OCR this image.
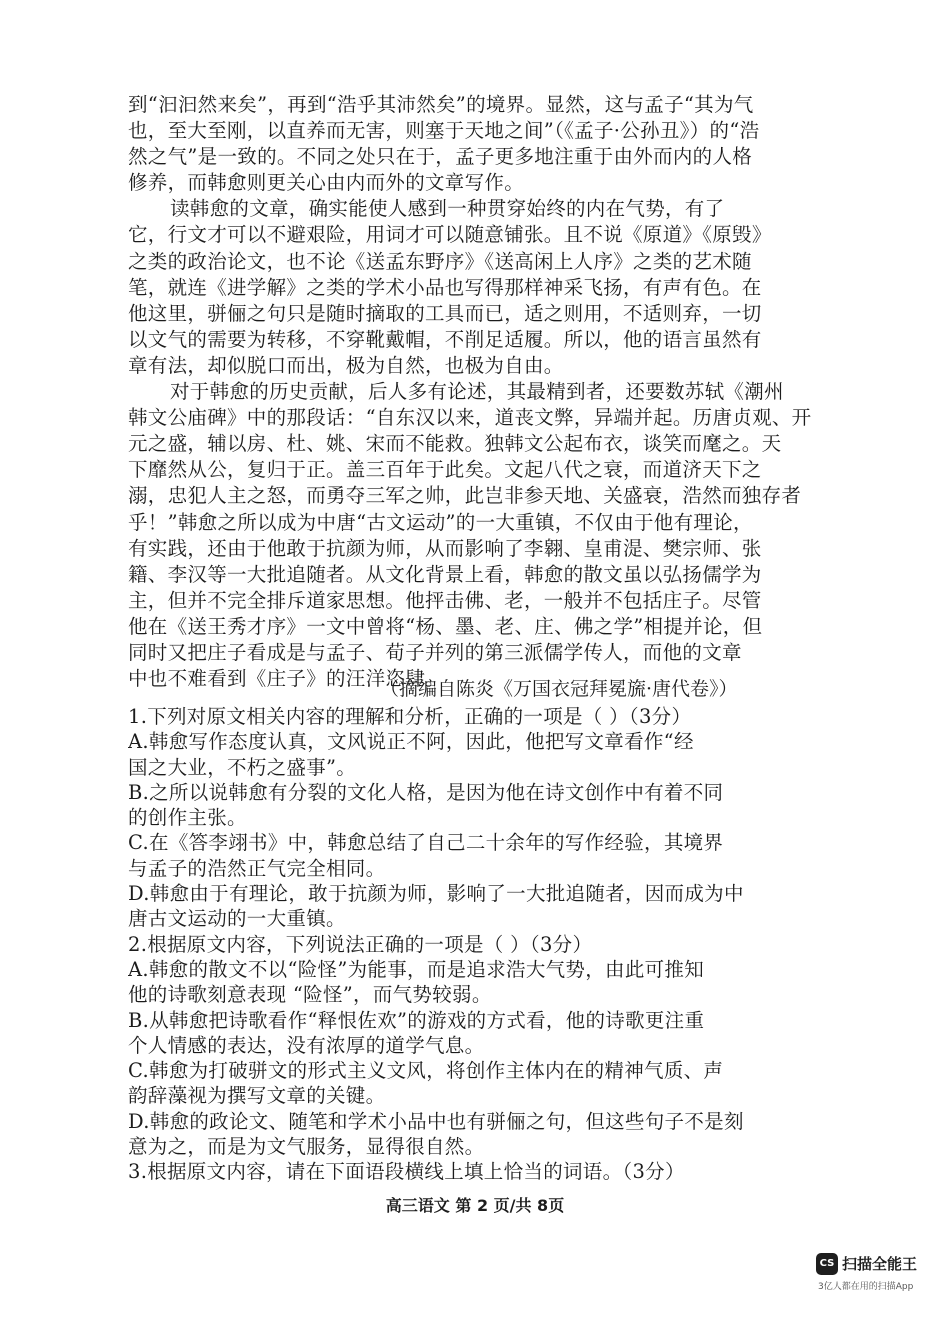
到“汩汩然来矣”，再到“浩乎其沛然矣”的境界。显然，这与孟子“其为气
也，至大至刚，以直养而无害，则塞于天地之间”（《孟子·公孙丑》）的“浩
然之气”是一致的。不同之处只在于，孟子更多地注重于由外而内的人格
修养，而韩愈则更关心由内而外的文章写作。
读韩愈的文章，确实能使人感到一种贯穿始终的内在气势，有了
它，行文才可以不避艰险，用词才可以随意铺张。且不说《原道》《原毁》
之类的政治论文，也不论《送孟东野序》《送高闲上人序》之类的艺术随
笔，就连《进学解》之类的学术小品也写得那样神采飞扬，有声有色。在
他这里，骈俪之句只是随时摘取的工具而已，适之则用，不适则弃，一切
以文气的需要为转移，不穿靴戴帽，不削足适履。所以，他的语言虽然有
章有法，却似脱口而出，极为自然，也极为自由。
对于韩愈的历史贡献，后人多有论述，其最精到者，还要数苏轼《潮州
韩文公庙碑》中的那段话：“自东汉以来，道丧文弊，异端并起。历唐贞观、开
元之盛，辅以房、杜、姚、宋而不能救。独韩文公起布衣，谈笑而麾之。天
下靡然从公，复归于正。盖三百年于此矣。文起八代之衰，而道济天下之
溺，忠犯人主之怒，而勇夺三军之帅，此岂非参天地、关盛衰，浩然而独存者
乎！”韩愈之所以成为中唐“古文运动”的一大重镇，不仅由于他有理论，
有实践，还由于他敢于抗颜为师，从而影响了李翱、皇甫湜、樊宗师、张
籍、李汉等一大批追随者。从文化背景上看，韩愈的散文虽以弘扬儒学为
主，但并不完全排斥道家思想。他抨击佛、老，一般并不包括庄子。尽管
他在《送王秀才序》一文中曾将“杨、墨、老、庄、佛之学”相提并论，但
同时又把庄子看成是与孟子、荀子并列的第三派儒学传人，而他的文章
中也不难看到《庄子》的汪洋恣肆。
（摘编自陈炎《万国衣冠拜冕旒·唐代卷》）
1.下列对原文相关内容的理解和分析，正确的一项是（ ）（3分）
A.韩愈写作态度认真，文风说正不阿，因此，他把写文章看作“经
国之大业，不朽之盛事”。
B.之所以说韩愈有分裂的文化人格，是因为他在诗文创作中有着不同
的创作主张。
C.在《答李翊书》中，韩愈总结了自己二十余年的写作经验，其境界
与孟子的浩然正气完全相同。
D.韩愈由于有理论，敢于抗颜为师，影响了一大批追随者，因而成为中
唐古文运动的一大重镇。
2.根据原文内容，下列说法正确的一项是（ ）（3分）
A.韩愈的散文不以“险怪”为能事，而是追求浩大气势，由此可推知
他的诗歌刻意表现 “险怪”，而气势较弱。
B.从韩愈把诗歌看作“释恨佐欢”的游戏的方式看，他的诗歌更注重
个人情感的表达，没有浓厚的道学气息。
C.韩愈为打破骈文的形式主义文风，将创作主体内在的精神气质、声
韵辞藻视为撰写文章的关键。
D.韩愈的政论文、随笔和学术小品中也有骈俪之句，但这些句子不是刻
意为之，而是为文气服务，显得很自然。
3.根据原文内容，请在下面语段横线上填上恰当的词语。（3分）
高三语文 第 2 页/共 8页
CS 扫描全能王
3亿人都在用的扫描App
